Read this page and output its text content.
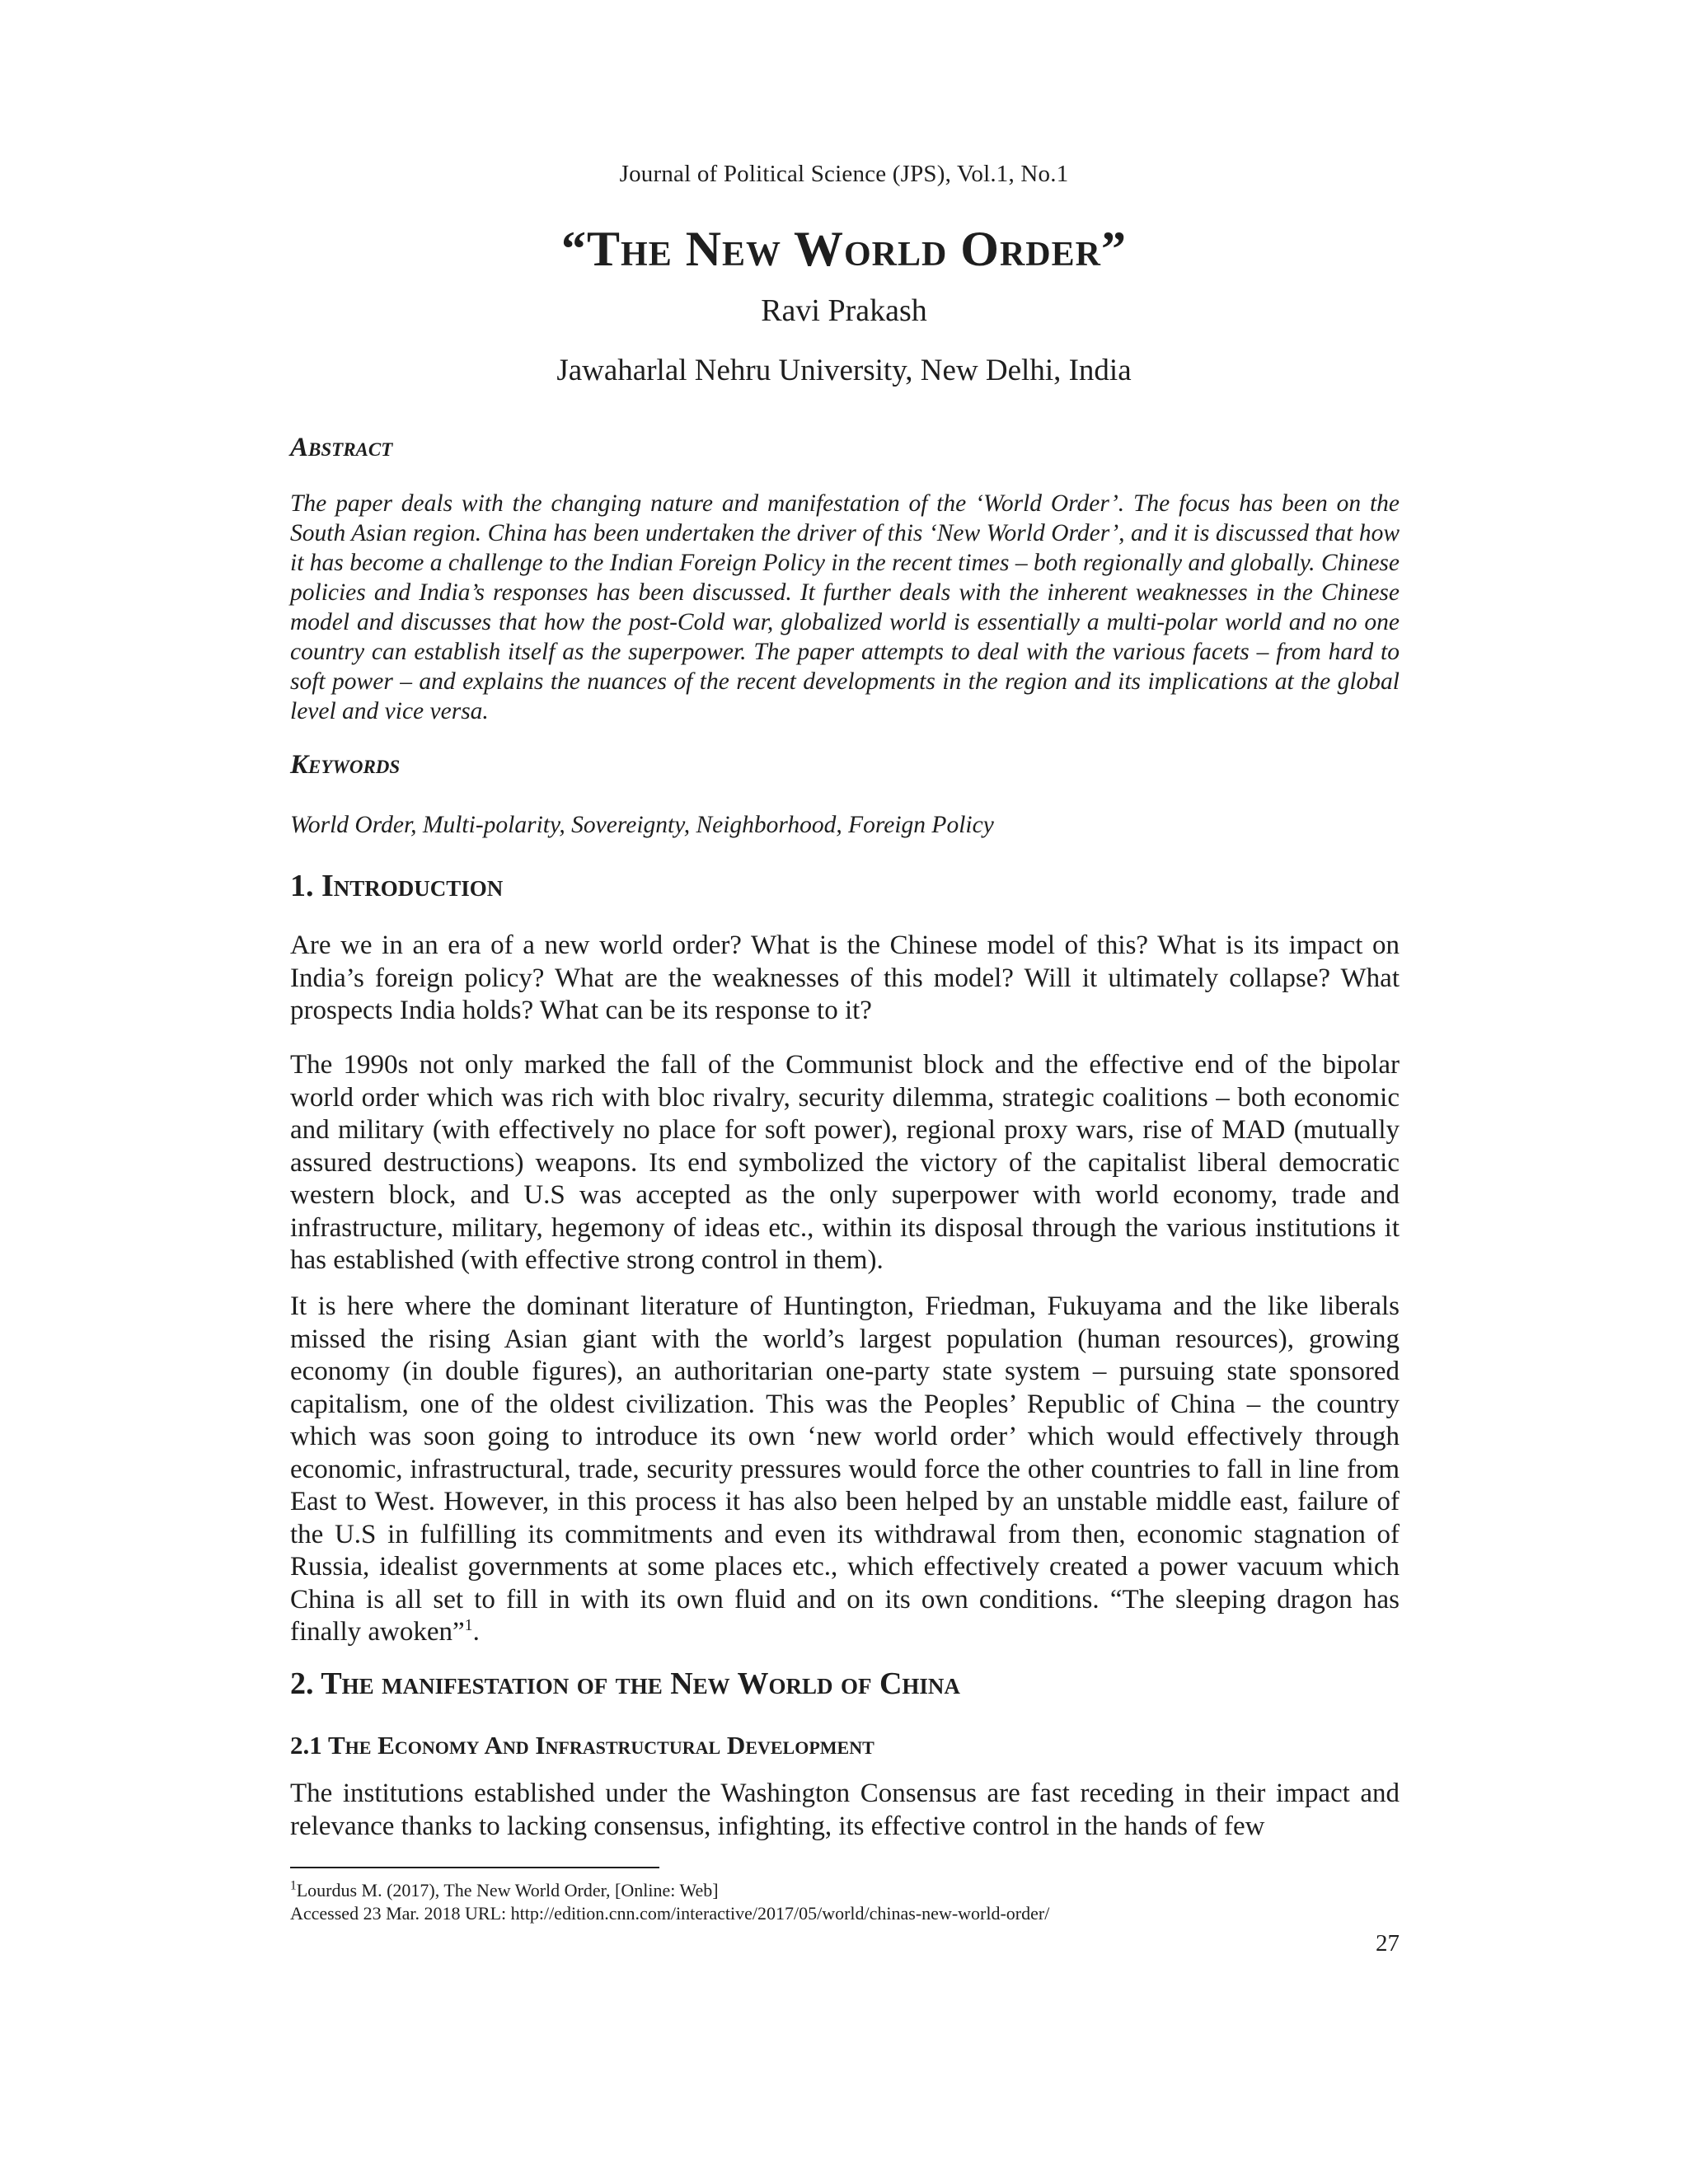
Journal of Political Science (JPS), Vol.1, No.1
“The New World Order”
Ravi Prakash
Jawaharlal Nehru University, New Delhi, India
Abstract
The paper deals with the changing nature and manifestation of the ‘World Order’. The focus has been on the South Asian region. China has been undertaken the driver of this ‘New World Order’, and it is discussed that how it has become a challenge to the Indian Foreign Policy in the recent times – both regionally and globally. Chinese policies and India’s responses has been discussed. It further deals with the inherent weaknesses in the Chinese model and discusses that how the post-Cold war, globalized world is essentially a multi-polar world and no one country can establish itself as the superpower. The paper attempts to deal with the various facets – from hard to soft power – and explains the nuances of the recent developments in the region and its implications at the global level and vice versa.
Keywords
World Order, Multi-polarity, Sovereignty, Neighborhood, Foreign Policy
1. Introduction
Are we in an era of a new world order? What is the Chinese model of this? What is its impact on India’s foreign policy? What are the weaknesses of this model? Will it ultimately collapse? What prospects India holds? What can be its response to it?
The 1990s not only marked the fall of the Communist block and the effective end of the bipolar world order which was rich with bloc rivalry, security dilemma, strategic coalitions – both economic and military (with effectively no place for soft power), regional proxy wars, rise of MAD (mutually assured destructions) weapons. Its end symbolized the victory of the capitalist liberal democratic western block, and U.S was accepted as the only superpower with world economy, trade and infrastructure, military, hegemony of ideas etc., within its disposal through the various institutions it has established (with effective strong control in them).
It is here where the dominant literature of Huntington, Friedman, Fukuyama and the like liberals missed the rising Asian giant with the world’s largest population (human resources), growing economy (in double figures), an authoritarian one-party state system – pursuing state sponsored capitalism, one of the oldest civilization. This was the Peoples’ Republic of China – the country which was soon going to introduce its own ‘new world order’ which would effectively through economic, infrastructural, trade, security pressures would force the other countries to fall in line from East to West. However, in this process it has also been helped by an unstable middle east, failure of the U.S in fulfilling its commitments and even its withdrawal from then, economic stagnation of Russia, idealist governments at some places etc., which effectively created a power vacuum which China is all set to fill in with its own fluid and on its own conditions. “The sleeping dragon has finally awoken”$^1$.
2. The manifestation of the New World of China
2.1 The Economy And Infrastructural Development
The institutions established under the Washington Consensus are fast receding in their impact and relevance thanks to lacking consensus, infighting, its effective control in the hands of few
$^1$Lourdus M. (2017), The New World Order, [Online: Web]
Accessed 23 Mar. 2018 URL: http://edition.cnn.com/interactive/2017/05/world/chinas-new-world-order/
27
